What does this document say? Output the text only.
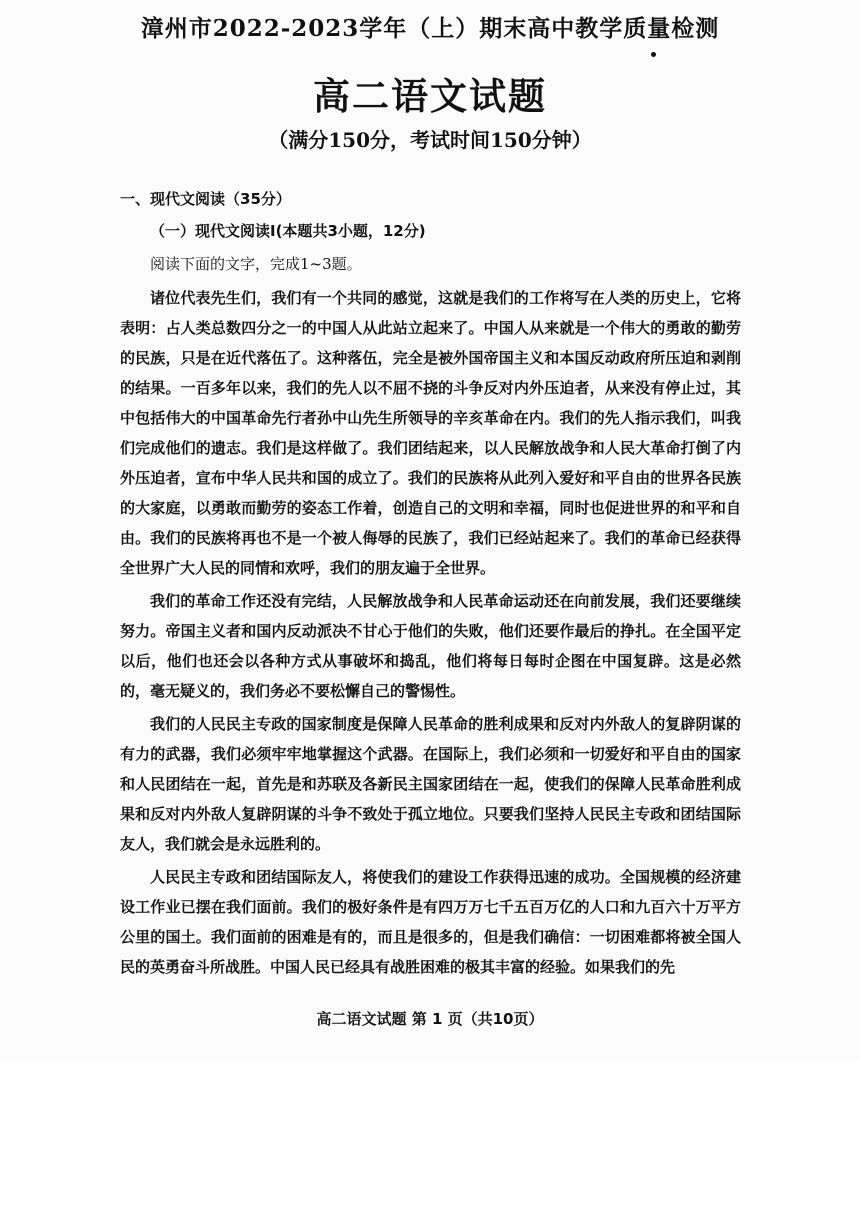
漳州市2022-2023学年（上）期末高中教学质量检测
高二语文试题
（满分150分，考试时间150分钟）
一、现代文阅读（35分）
（一）现代文阅读Ⅰ(本题共3小题，12分)
阅读下面的文字，完成1~3题。

诸位代表先生们，我们有一个共同的感觉，这就是我们的工作将写在人类的历史上，它将表明：占人类总数四分之一的中国人从此站立起来了。中国人从来就是一个伟大的勇敢的勤劳的民族，只是在近代落伍了。这种落伍，完全是被外国帝国主义和本国反动政府所压迫和剥削的结果。一百多年以来，我们的先人以不屈不挠的斗争反对内外压迫者，从来没有停止过，其中包括伟大的中国革命先行者孙中山先生所领导的辛亥革命在内。我们的先人指示我们，叫我们完成他们的遗志。我们是这样做了。我们团结起来，以人民解放战争和人民大革命打倒了内外压迫者，宣布中华人民共和国的成立了。我们的民族将从此列入爱好和平自由的世界各民族的大家庭，以勇敢而勤劳的姿态工作着，创造自己的文明和幸福，同时也促进世界的和平和自由。我们的民族将再也不是一个被人侮辱的民族了，我们已经站起来了。我们的革命已经获得全世界广大人民的同情和欢呼，我们的朋友遍于全世界。

我们的革命工作还没有完结，人民解放战争和人民革命运动还在向前发展，我们还要继续努力。帝国主义者和国内反动派决不甘心于他们的失败，他们还要作最后的挣扎。在全国平定以后，他们也还会以各种方式从事破坏和捣乱，他们将每日每时企图在中国复辟。这是必然的，毫无疑义的，我们务必不要松懈自己的警惕性。

我们的人民民主专政的国家制度是保障人民革命的胜利成果和反对内外敌人的复辟阴谋的有力的武器，我们必须牢牢地掌握这个武器。在国际上，我们必须和一切爱好和平自由的国家和人民团结在一起，首先是和苏联及各新民主国家团结在一起，使我们的保障人民革命胜利成果和反对内外敌人复辟阴谋的斗争不致处于孤立地位。只要我们坚持人民民主专政和团结国际友人，我们就会是永远胜利的。

人民民主专政和团结国际友人，将使我们的建设工作获得迅速的成功。全国规模的经济建设工作业已摆在我们面前。我们的极好条件是有四万万七千五百万亿的人口和九百六十万平方公里的国土。我们面前的困难是有的，而且是很多的，但是我们确信：一切困难都将被全国人民的英勇奋斗所战胜。中国人民已经具有战胜困难的极其丰富的经验。如果我们的先

高二语文试题 第 1 页（共10页）
